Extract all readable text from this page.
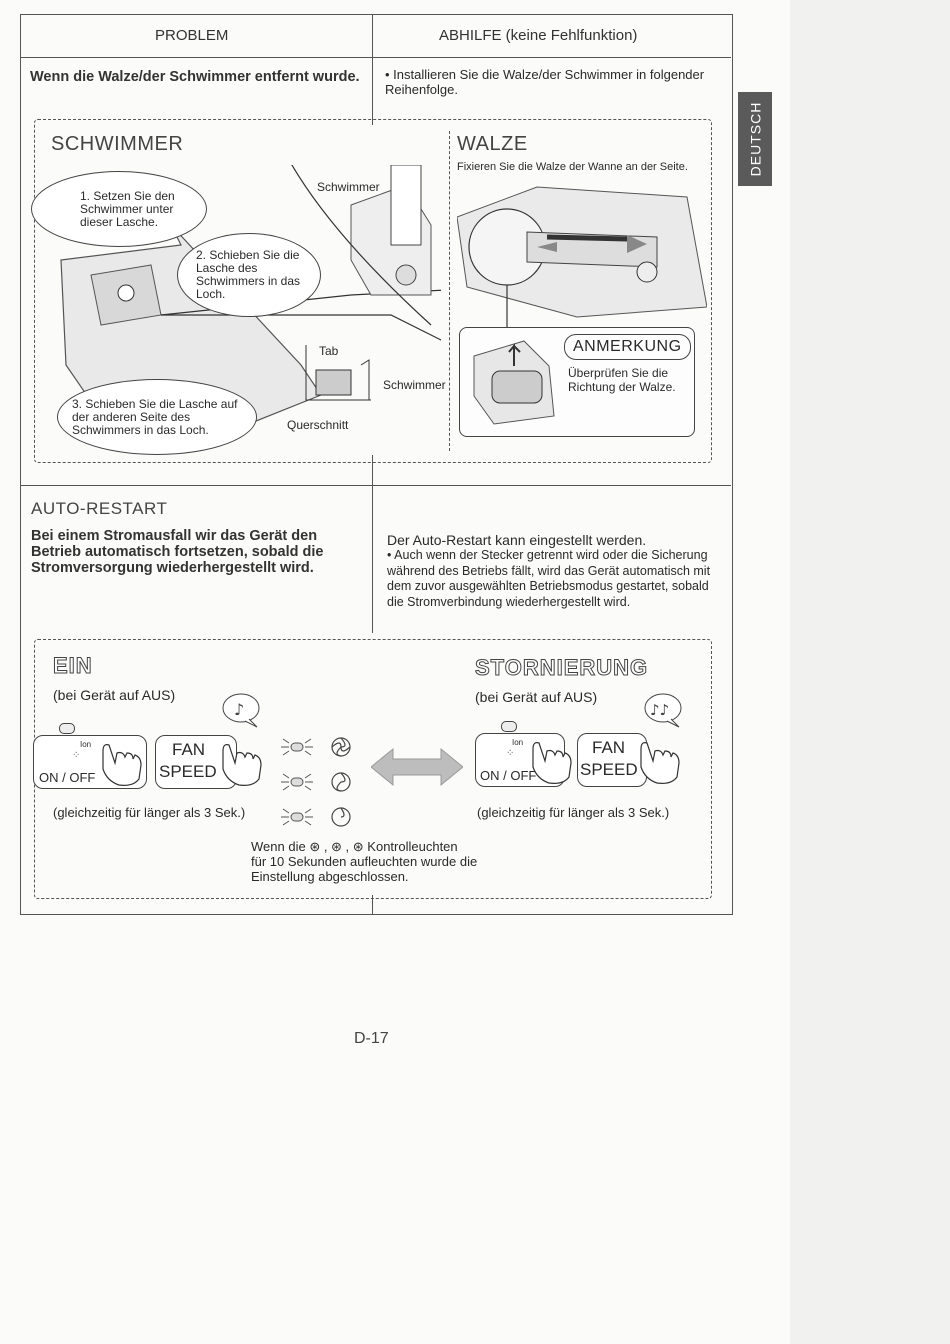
DEUTSCH
PROBLEM	ABHILFE (keine Fehlfunktion)
Wenn die Walze/der Schwimmer entfernt wurde. • Installieren Sie die Walze/der Schwimmer in folgender Reihenfolge.
SCHWIMMER
1. Setzen Sie den Schwimmer unter dieser Lasche.
2. Schieben Sie die Lasche des Schwimmers in das Loch.
3. Schieben Sie die Lasche auf der anderen Seite des Schwimmers in das Loch.
Schwimmer
Tab
Schwimmer
Querschnitt
WALZE
Fixieren Sie die Walze der Wanne an der Seite.
ANMERKUNG
Überprüfen Sie die Richtung der Walze.
AUTO-RESTART
Bei einem Stromausfall wir das Gerät den Betrieb automatisch fortsetzen, sobald die Stromversorgung wiederhergestellt wird.
Der Auto-Restart kann eingestellt werden.
• Auch wenn der Stecker getrennt wird oder die Sicherung während des Betriebs fällt, wird das Gerät automatisch mit dem zuvor ausgewählten Betriebsmodus gestartet, sobald die Stromverbindung wiederhergestellt wird.
EIN
(bei Gerät auf AUS)
♪
Ion
⁘
ON / OFF
FAN
SPEED
(gleichzeitig für länger als 3 Sek.)
Wenn die ⊛ , ⊛ , ⊛ Kontrolleuchten
für 10 Sekunden aufleuchten wurde die
Einstellung abgeschlossen.
STORNIERUNG
(bei Gerät auf AUS)
♪♪
Ion
⁘
ON / OFF
FAN
SPEED
(gleichzeitig für länger als 3 Sek.)
D-17
